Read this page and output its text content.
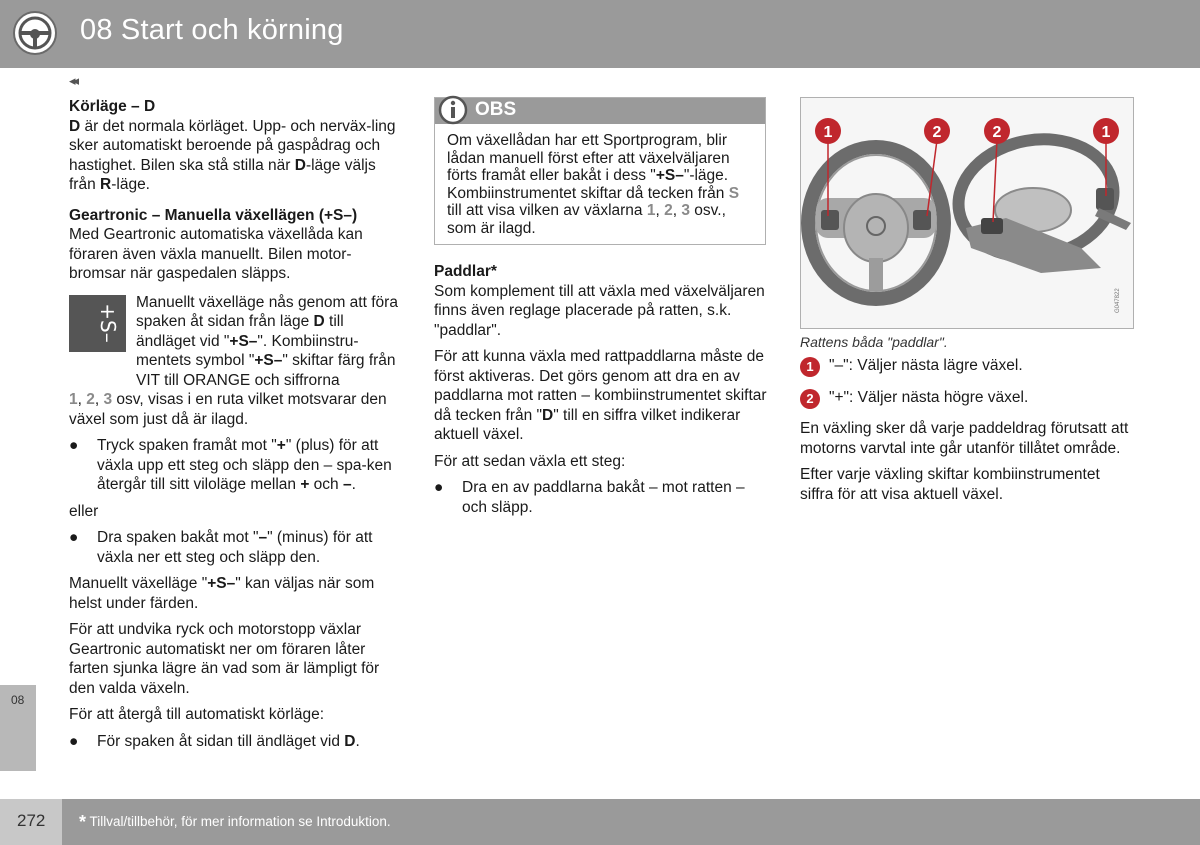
08 Start och körning
◂◂
Körläge – D

D är det normala körläget. Upp- och nerväx-ling sker automatiskt beroende på gaspådrag och hastighet. Bilen ska stå stilla när D-läge väljs från R-läge.

Geartronic – Manuella växellägen (+S–)

Med Geartronic automatiska växellåda kan föraren även växla manuellt. Bilen motor-bromsar när gaspedalen släpps.

+S–

Manuellt växelläge nås genom att föra spaken åt sidan från läge D till ändläget vid "+S–". Kombiinstru-mentets symbol "+S–" skiftar färg från VIT till ORANGE och siffrorna

1, 2, 3 osv, visas i en ruta vilket motsvarar den växel som just då är ilagd.

● Tryck spaken framåt mot "+" (plus) för att växla upp ett steg och släpp den – spa-ken återgår till sitt viloläge mellan + och –.

eller

● Dra spaken bakåt mot "–" (minus) för att växla ner ett steg och släpp den.

Manuellt växelläge "+S–" kan väljas när som helst under färden.

För att undvika ryck och motorstopp växlar Geartronic automatiskt ner om föraren låter farten sjunka lägre än vad som är lämpligt för den valda växeln.

För att återgå till automatiskt körläge:

● För spaken åt sidan till ändläget vid D.
OBS
Om växellådan har ett Sportprogram, blir lådan manuell först efter att växelväljaren förts framåt eller bakåt i dess "+S–"-läge. Kombiinstrumentet skiftar då tecken från S till att visa vilken av växlarna 1, 2, 3 osv., som är ilagd.
Paddlar*

Som komplement till att växla med växelväljaren finns även reglage placerade på ratten, s.k. "paddlar".

För att kunna växla med rattpaddlarna måste de först aktiveras. Det görs genom att dra en av paddlarna mot ratten – kombiinstrumentet skiftar då tecken från "D" till en siffra vilket indikerar aktuell växel.

För att sedan växla ett steg:

● Dra en av paddlarna bakåt – mot ratten – och släpp.
1	2	2	1
G047822
Rattens båda "paddlar".
1 "–": Väljer nästa lägre växel.
2 "+": Väljer nästa högre växel.

En växling sker då varje paddeldrag förutsatt att motorns varvtal inte går utanför tillåtet område.

Efter varje växling skiftar kombiinstrumentet siffra för att visa aktuell växel.

08
272 * Tillval/tillbehör, för mer information se Introduktion.
